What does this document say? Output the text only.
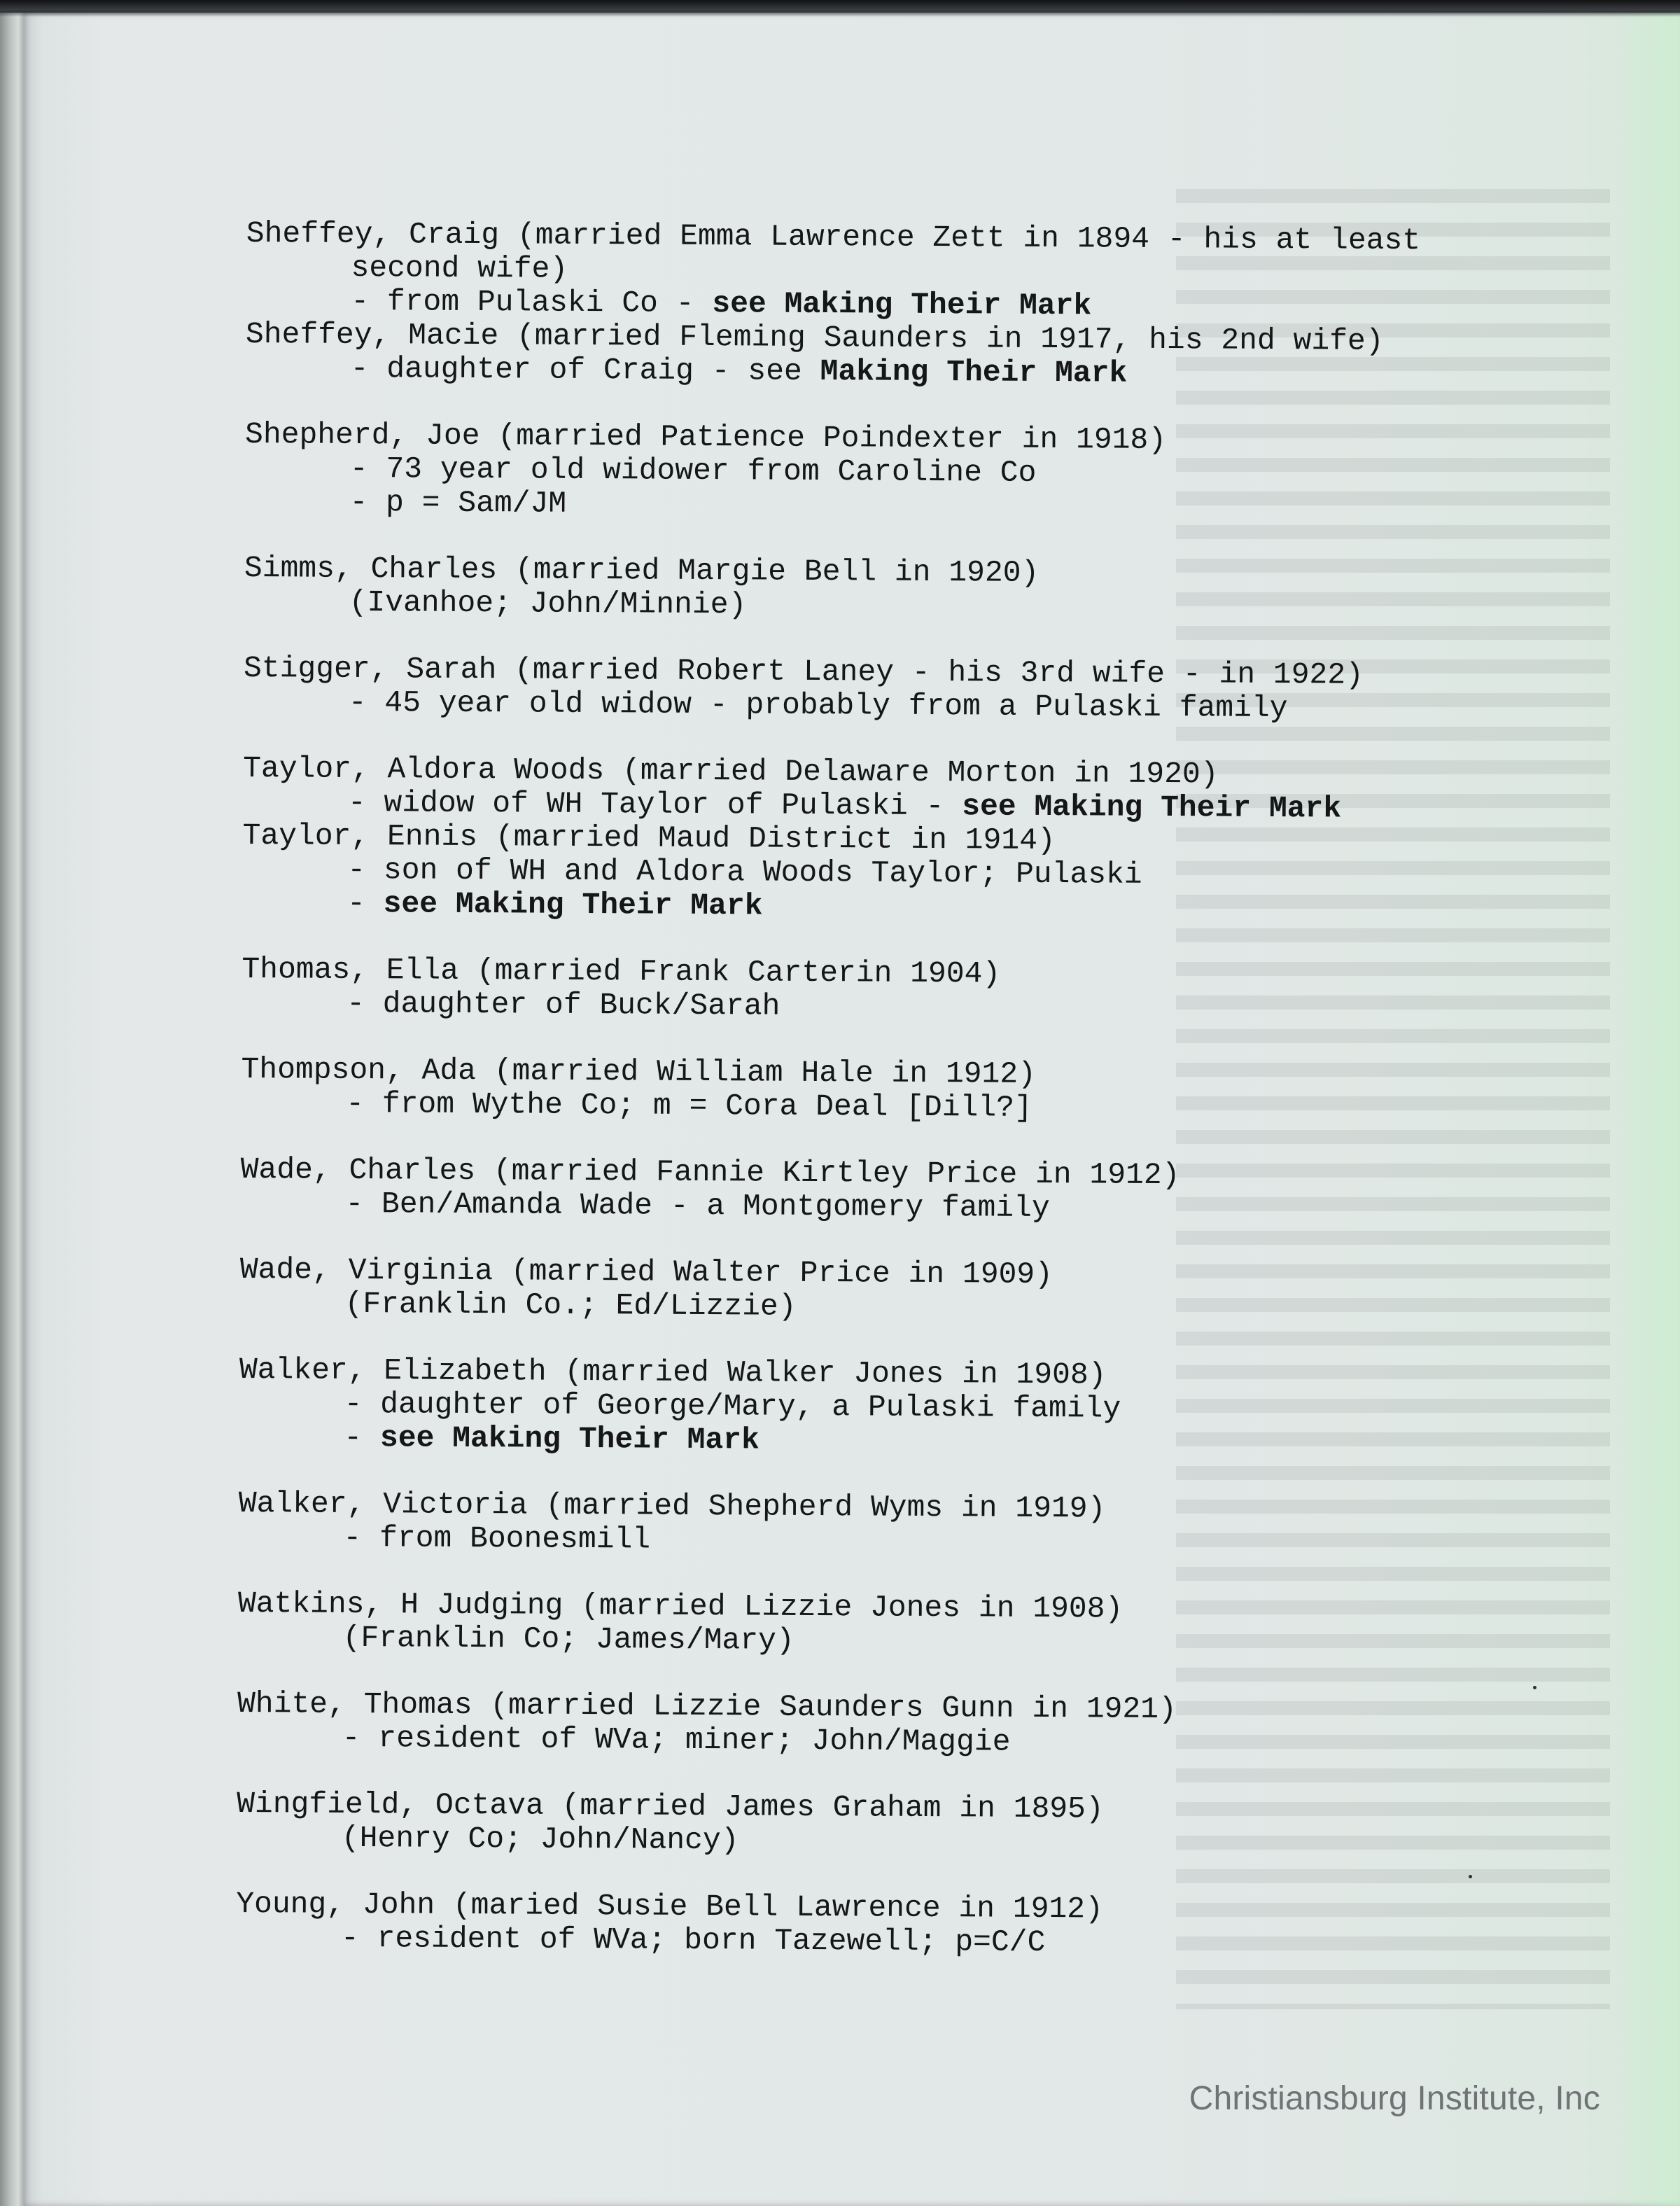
Sheffey, Craig (married Emma Lawrence Zett in 1894 - his at least
second wife)
- from Pulaski Co - see Making Their Mark
Sheffey, Macie (married Fleming Saunders in 1917, his 2nd wife)
- daughter of Craig - see Making Their Mark
Shepherd, Joe (married Patience Poindexter in 1918)
- 73 year old widower from Caroline Co
- p = Sam/JM
Simms, Charles (married Margie Bell in 1920)
(Ivanhoe; John/Minnie)
Stigger, Sarah (married Robert Laney - his 3rd wife - in 1922)
- 45 year old widow - probably from a Pulaski family
Taylor, Aldora Woods (married Delaware Morton in 1920)
- widow of WH Taylor of Pulaski - see Making Their Mark
Taylor, Ennis (married Maud District in 1914)
- son of WH and Aldora Woods Taylor; Pulaski
- see Making Their Mark
Thomas, Ella (married Frank Carterin 1904)
- daughter of Buck/Sarah
Thompson, Ada (married William Hale in 1912)
- from Wythe Co; m = Cora Deal [Dill?]
Wade, Charles (married Fannie Kirtley Price in 1912)
- Ben/Amanda Wade - a Montgomery family
Wade, Virginia (married Walter Price in 1909)
(Franklin Co.; Ed/Lizzie)
Walker, Elizabeth (married Walker Jones in 1908)
- daughter of George/Mary, a Pulaski family
- see Making Their Mark
Walker, Victoria (married Shepherd Wyms in 1919)
- from Boonesmill
Watkins, H Judging (married Lizzie Jones in 1908)
(Franklin Co; James/Mary)
White, Thomas (married Lizzie Saunders Gunn in 1921)
- resident of WVa; miner; John/Maggie
Wingfield, Octava (married James Graham in 1895)
(Henry Co; John/Nancy)
Young, John (maried Susie Bell Lawrence in 1912)
- resident of WVa; born Tazewell; p=C/C
Christiansburg Institute, Inc
